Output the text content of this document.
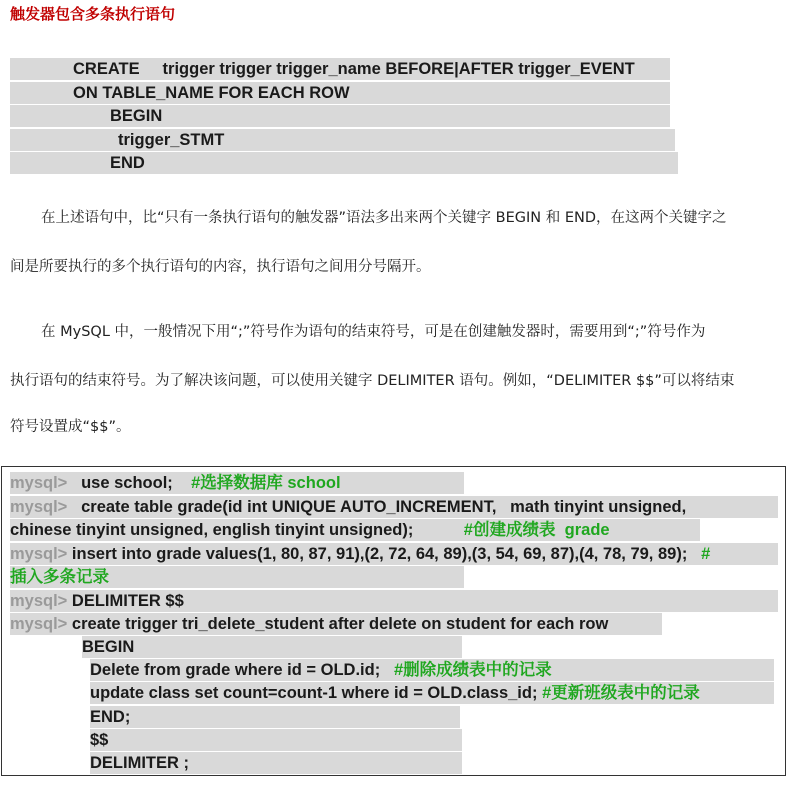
触发器包含多条执行语句
CREATE     trigger trigger trigger_name BEFORE|AFTER trigger_EVENT
ON TABLE_NAME FOR EACH ROW
BEGIN
trigger_STMT
END
在上述语句中，比“只有一条执行语句的触发器”语法多出来两个关键字 BEGIN 和 END，在这两个关键字之
间是所要执行的多个执行语句的内容，执行语句之间用分号隔开。
在 MySQL 中，一般情况下用“;”符号作为语句的结束符号，可是在创建触发器时，需要用到“;”符号作为
执行语句的结束符号。为了解决该问题，可以使用关键字 DELIMITER 语句。例如，“DELIMITER $$”可以将结束
符号设置成“$$”。
mysql> use school; #选择数据库 school
mysql> create table grade(id int UNIQUE AUTO_INCREMENT,   math tinyint unsigned,
chinese tinyint unsigned, english tinyint unsigned);	#创建成绩表  grade
mysql> insert into grade values(1, 80, 87, 91),(2, 72, 64, 89),(3, 54, 69, 87),(4, 78, 79, 89); #
插入多条记录
mysql> DELIMITER $$
mysql> create trigger tri_delete_student after delete on student for each row
BEGIN
Delete from grade where id = OLD.id; #删除成绩表中的记录
update class set count=count-1 where id = OLD.class_id; #更新班级表中的记录
END;
$$
DELIMITER ;
